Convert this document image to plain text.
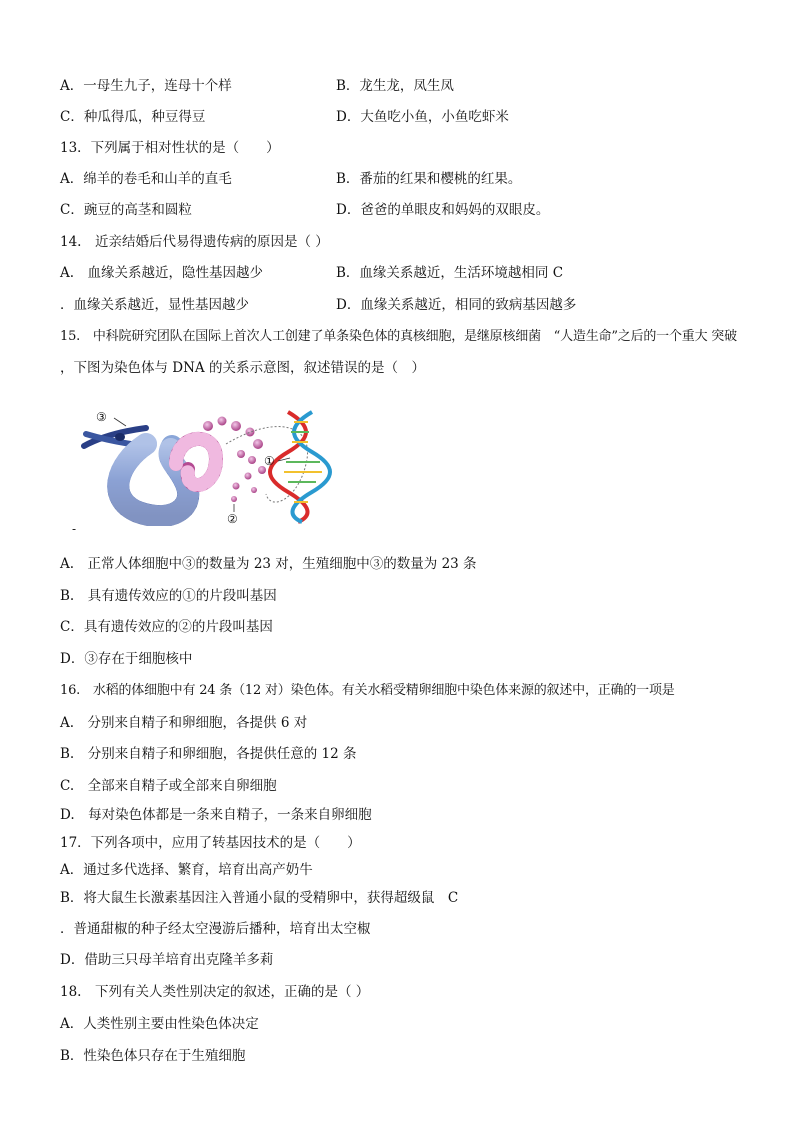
A．一母生九子，连母十个样	B．龙生龙，凤生凤
C．种瓜得瓜，种豆得豆	D．大鱼吃小鱼，小鱼吃虾米
13．下列属于相对性状的是（　　）
A．绵羊的卷毛和山羊的直毛	B．番茄的红果和樱桃的红果。
C．豌豆的高茎和圆粒	D．爸爸的单眼皮和妈妈的双眼皮。
14.　近亲结婚后代易得遗传病的原因是（ ）
A.　血缘关系越近，隐性基因越少	B．血缘关系越近，生活环境越相同 C
．血缘关系越近，显性基因越少	D．血缘关系越近，相同的致病基因越多
15.　中科院研究团队在国际上首次人工创建了单条染色体的真核细胞，是继原核细菌　“人造生命”之后的一个重大 突破
，下图为染色体与 DNA 的关系示意图，叙述错误的是（　）
③
①
②
-
A.　正常人体细胞中③的数量为 23 对，生殖细胞中③的数量为 23 条
B.　具有遗传效应的①的片段叫基因
C．具有遗传效应的②的片段叫基因
D．③存在于细胞核中
16.　水稻的体细胞中有 24 条（12 对）染色体。有关水稻受精卵细胞中染色体来源的叙述中，正确的一项是
A.　分别来自精子和卵细胞，各提供 6 对
B.　分别来自精子和卵细胞，各提供任意的 12 条
C.　全部来自精子或全部来自卵细胞
D.　每对染色体都是一条来自精子，一条来自卵细胞
17．下列各项中，应用了转基因技术的是（　　）
A．通过多代选择、繁育，培育出高产奶牛
B．将大鼠生长激素基因注入普通小鼠的受精卵中，获得超级鼠　C
．普通甜椒的种子经太空漫游后播种，培育出太空椒
D．借助三只母羊培育出克隆羊多莉
18.　下列有关人类性别决定的叙述，正确的是（ ）
A．人类性别主要由性染色体决定
B．性染色体只存在于生殖细胞
